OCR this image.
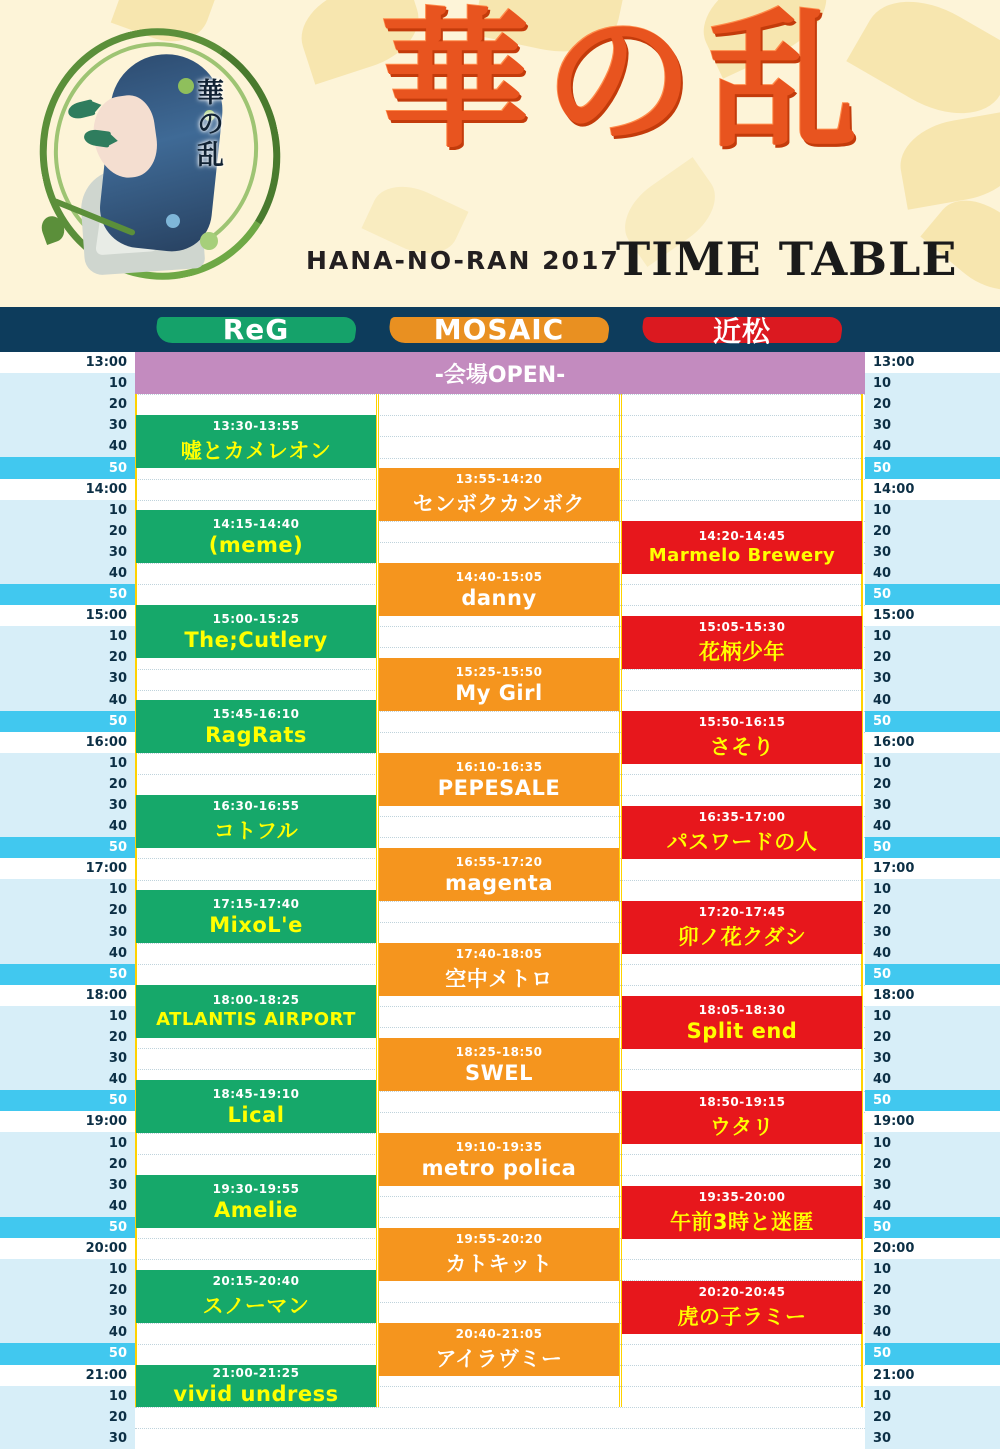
華の乱 華の乱
HANA-NO-RAN 2017
TIME TABLE
ReG	MOSAIC	近松
13:00
10
20
30
40
50
14:00
10
20
30
40
50
15:00
10
20
30
40
50
16:00
10
20
30
40
50
17:00
10
20
30
40
50
18:00
10
20
30
40
50
19:00
10
20
30
40
50
20:00
10
20
30
40
50
21:00
10
20
30
13:00
10
20
30
40
50
14:00
10
20
30
40
50
15:00
10
20
30
40
50
16:00
10
20
30
40
50
17:00
10
20
30
40
50
18:00
10
20
30
40
50
19:00
10
20
30
40
50
20:00
10
20
30
40
50
21:00
10
20
30
-会場OPEN-
13:30-13:55
嘘とカメレオン
14:15-14:40
(meme)
15:00-15:25
The;Cutlery
15:45-16:10
RagRats
16:30-16:55
コトフル
17:15-17:40
MixoL'e
18:00-18:25
ATLANTIS AIRPORT
18:45-19:10
Lical
19:30-19:55
Amelie
20:15-20:40
スノーマン
21:00-21:25
vivid undress
13:55-14:20
センボクカンボク
14:40-15:05
danny
15:25-15:50
My Girl
16:10-16:35
PEPESALE
16:55-17:20
magenta
17:40-18:05
空中メトロ
18:25-18:50
SWEL
19:10-19:35
metro polica
19:55-20:20
カトキット
20:40-21:05
アイラヴミー
14:20-14:45
Marmelo Brewery
15:05-15:30
花柄少年
15:50-16:15
さそり
16:35-17:00
パスワードの人
17:20-17:45
卯ノ花クダシ
18:05-18:30
Split end
18:50-19:15
ウタリ
19:35-20:00
午前3時と迷匿
20:20-20:45
虎の子ラミー
